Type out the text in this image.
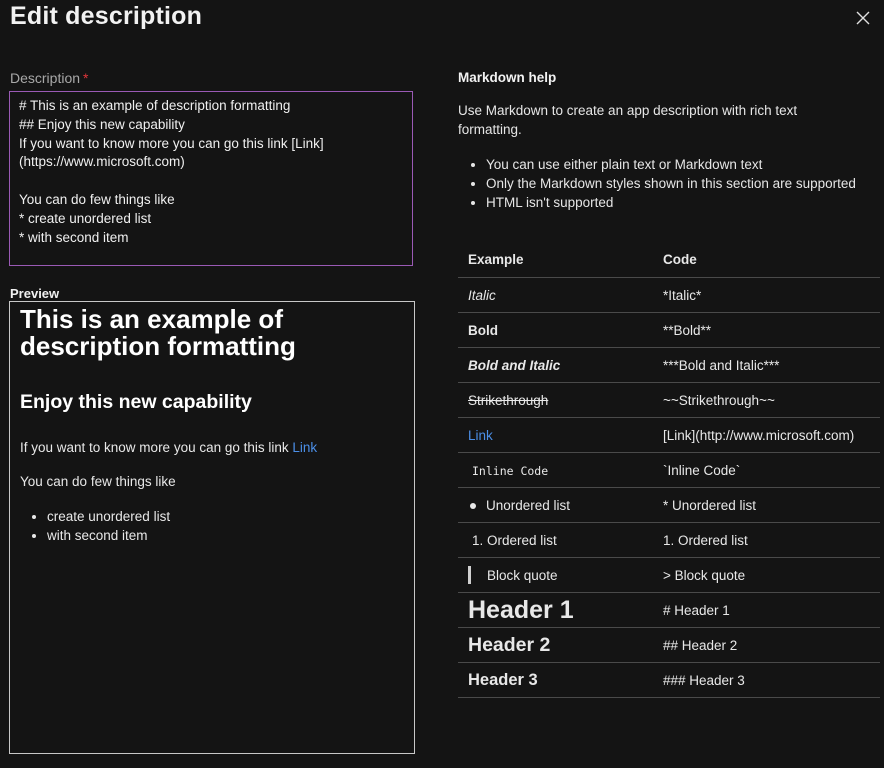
Edit description
Description *
# This is an example of description formatting
## Enjoy this new capability
If you want to know more you can go this link [Link]
(https://www.microsoft.com)
You can do few things like
* create unordered list
* with second item
Preview
This is an example of description formatting
Enjoy this new capability
If you want to know more you can go this link Link
You can do few things like
• create unordered list
• with second item
Markdown help
Use Markdown to create an app description with rich text formatting.
• You can use either plain text or Markdown text
• Only the Markdown styles shown in this section are supported
• HTML isn't supported
Example	Code
Italic	*Italic*
Bold	**Bold**
Bold and Italic	***Bold and Italic***
Strikethrough	~~Strikethrough~~
Link	[Link](http://www.microsoft.com)
Inline Code	`Inline Code`
Unordered list	* Unordered list
1. Ordered list	1. Ordered list
Block quote	> Block quote
Header 1	# Header 1
Header 2	## Header 2
Header 3	### Header 3
